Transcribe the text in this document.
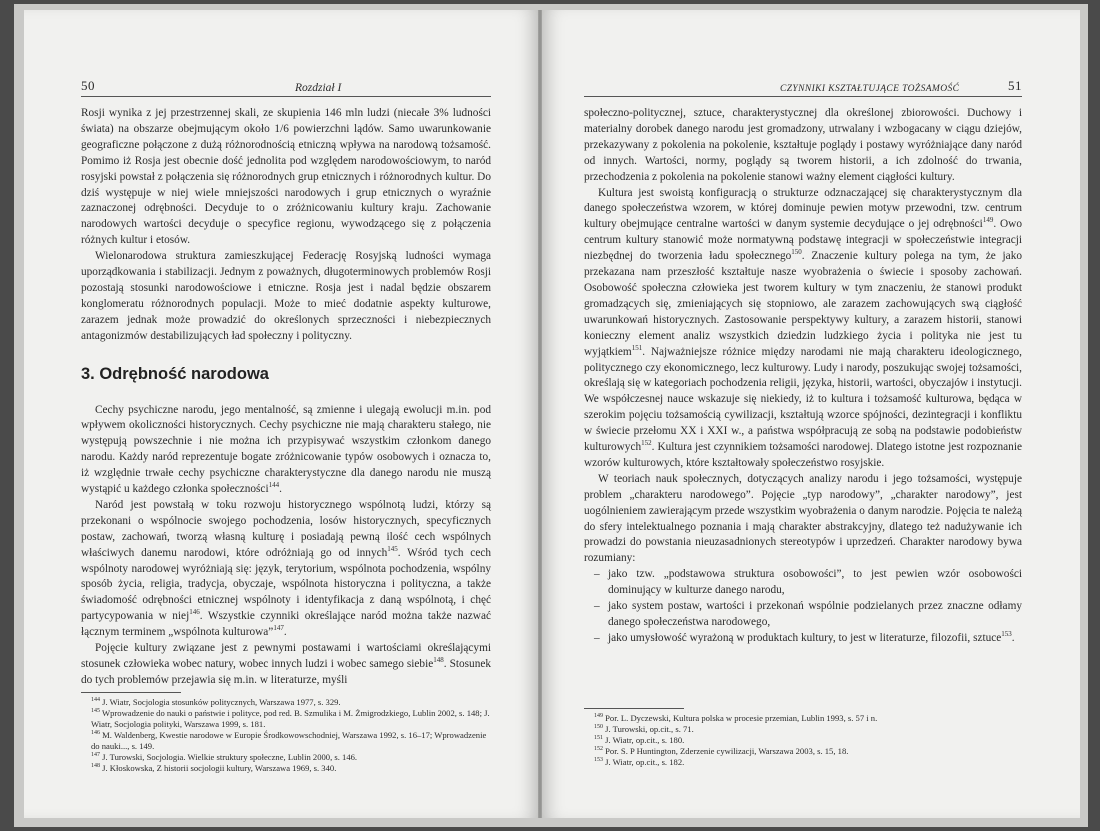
50	Rozdział I

Rosji wynika z jej przestrzennej skali, ze skupienia 146 mln ludzi (niecałe 3% ludności świata) na obszarze obejmującym około 1/6 powierzchni lądów. Samo uwarunkowanie geograficzne połączone z dużą różnorodnością etniczną wpływa na narodową tożsamość. Pomimo iż Rosja jest obecnie dość jednolita pod względem narodowościowym, to naród rosyjski powstał z połączenia się różnorodnych grup etnicznych i różnorodnych kultur. Do dziś występuje w niej wiele mniejszości narodowych i grup etnicznych o wyraźnie zaznaczonej odrębności. Decyduje to o zróżnicowaniu kultury kraju. Zachowanie narodowych wartości decyduje o specyfice regionu, wywodzącego się z połączenia różnych kultur i etosów.

Wielonarodowa struktura zamieszkującej Federację Rosyjską ludności wymaga uporządkowania i stabilizacji. Jednym z poważnych, długoterminowych problemów Rosji pozostają stosunki narodowościowe i etniczne. Rosja jest i nadal będzie obszarem konglomeratu różnorodnych populacji. Może to mieć dodatnie aspekty kulturowe, zarazem jednak może prowadzić do określonych sprzeczności i niebezpiecznych antagonizmów destabilizujących ład społeczny i polityczny.

3. Odrębność narodowa

Cechy psychiczne narodu, jego mentalność, są zmienne i ulegają ewolucji m.in. pod wpływem okoliczności historycznych. Cechy psychiczne nie mają charakteru stałego, nie występują powszechnie i nie można ich przypisywać wszystkim członkom danego narodu. Każdy naród reprezentuje bogate zróżnicowanie typów osobowych i oznacza to, iż względnie trwałe cechy psychiczne charakterystyczne dla danego narodu nie muszą wystąpić u każdego członka społeczności$^{144}$.

Naród jest powstałą w toku rozwoju historycznego wspólnotą ludzi, którzy są przekonani o wspólnocie swojego pochodzenia, losów historycznych, specyficznych postaw, zachowań, tworzą własną kulturę i posiadają pewną ilość cech wspólnych właściwych danemu narodowi, które odróżniają go od innych$^{145}$. Wśród tych cech wspólnoty narodowej wyróżniają się: język, terytorium, wspólnota pochodzenia, wspólny sposób życia, religia, tradycja, obyczaje, wspólnota historyczna i polityczna, a także świadomość odrębności etnicznej wspólnoty i identyfikacja z daną wspólnotą, i chęć partycypowania w niej$^{146}$. Wszystkie czynniki określające naród można także nazwać łącznym terminem „wspólnota kulturowa”$^{147}$.

Pojęcie kultury związane jest z pewnymi postawami i wartościami określającymi stosunek człowieka wobec natury, wobec innych ludzi i wobec samego siebie$^{148}$. Stosunek do tych problemów przejawia się m.in. w literaturze, myśli

$^{144}$ J. Wiatr, Socjologia stosunków politycznych, Warszawa 1977, s. 329.
$^{145}$ Wprowadzenie do nauki o państwie i polityce, pod red. B. Szmulika i M. Żmigrodzkiego, Lublin 2002, s. 148; J. Wiatr, Socjologia polityki, Warszawa 1999, s. 181.
$^{146}$ M. Waldenberg, Kwestie narodowe w Europie Środkowowschodniej, Warszawa 1992, s. 16–17; Wprowadzenie do nauki..., s. 149.
$^{147}$ J. Turowski, Socjologia. Wielkie struktury społeczne, Lublin 2000, s. 146.
$^{148}$ J. Kłoskowska, Z historii socjologii kultury, Warszawa 1969, s. 340.
CZYNNIKI KSZTAŁTUJĄCE TOŻSAMOŚĆ	51

społeczno-politycznej, sztuce, charakterystycznej dla określonej zbiorowości. Duchowy i materialny dorobek danego narodu jest gromadzony, utrwalany i wzbogacany w ciągu dziejów, przekazywany z pokolenia na pokolenie, kształtuje poglądy i postawy wyróżniające dany naród od innych. Wartości, normy, poglądy są tworem historii, a ich zdolność do trwania, przechodzenia z pokolenia na pokolenie stanowi ważny element ciągłości kultury.

Kultura jest swoistą konfiguracją o strukturze odznaczającej się charakterystycznym dla danego społeczeństwa wzorem, w której dominuje pewien motyw przewodni, tzw. centrum kultury obejmujące centralne wartości w danym systemie decydujące o jej odrębności$^{149}$. Owo centrum kultury stanowić może normatywną podstawę integracji w społeczeństwie integracji niezbędnej do tworzenia ładu społecznego$^{150}$. Znaczenie kultury polega na tym, że jako przekazana nam przeszłość kształtuje nasze wyobrażenia o świecie i sposoby zachowań. Osobowość społeczna człowieka jest tworem kultury w tym znaczeniu, że stanowi produkt gromadzących się, zmieniających się stopniowo, ale zarazem zachowujących swą ciągłość uwarunkowań historycznych. Zastosowanie perspektywy kultury, a zarazem historii, stanowi konieczny element analiz wszystkich dziedzin ludzkiego życia i polityka nie jest tu wyjątkiem$^{151}$. Najważniejsze różnice między narodami nie mają charakteru ideologicznego, politycznego czy ekonomicznego, lecz kulturowy. Ludy i narody, poszukując swojej tożsamości, określają się w kategoriach pochodzenia religii, języka, historii, wartości, obyczajów i instytucji. We współczesnej nauce wskazuje się niekiedy, iż to kultura i tożsamość kulturowa, będąca w szerokim pojęciu tożsamością cywilizacji, kształtują wzorce spójności, dezintegracji i konfliktu w świecie przełomu XX i XXI w., a państwa współpracują ze sobą na podstawie podobieństw kulturowych$^{152}$. Kultura jest czynnikiem tożsamości narodowej. Dlatego istotne jest rozpoznanie wzorów kulturowych, które kształtowały społeczeństwo rosyjskie.

W teoriach nauk społecznych, dotyczących analizy narodu i jego tożsamości, występuje problem „charakteru narodowego”. Pojęcie „typ narodowy”, „charakter narodowy”, jest uogólnieniem zawierającym przede wszystkim wyobrażenia o danym narodzie. Pojęcia te należą do sfery intelektualnego poznania i mają charakter abstrakcyjny, dlatego też nadużywanie ich prowadzi do powstania nieuzasadnionych stereotypów i uprzedzeń. Charakter narodowy bywa rozumiany:

– jako tzw. „podstawowa struktura osobowości”, to jest pewien wzór osobowości dominujący w kulturze danego narodu,
– jako system postaw, wartości i przekonań wspólnie podzielanych przez znaczne odłamy danego społeczeństwa narodowego,
– jako umysłowość wyrażoną w produktach kultury, to jest w literaturze, filozofii, sztuce$^{153}$.
$^{149}$ Por. L. Dyczewski, Kultura polska w procesie przemian, Lublin 1993, s. 57 i n.
$^{150}$ J. Turowski, op.cit., s. 71.
$^{151}$ J. Wiatr, op.cit., s. 180.
$^{152}$ Por. S. P Huntington, Zderzenie cywilizacji, Warszawa 2003, s. 15, 18.
$^{153}$ J. Wiatr, op.cit., s. 182.
